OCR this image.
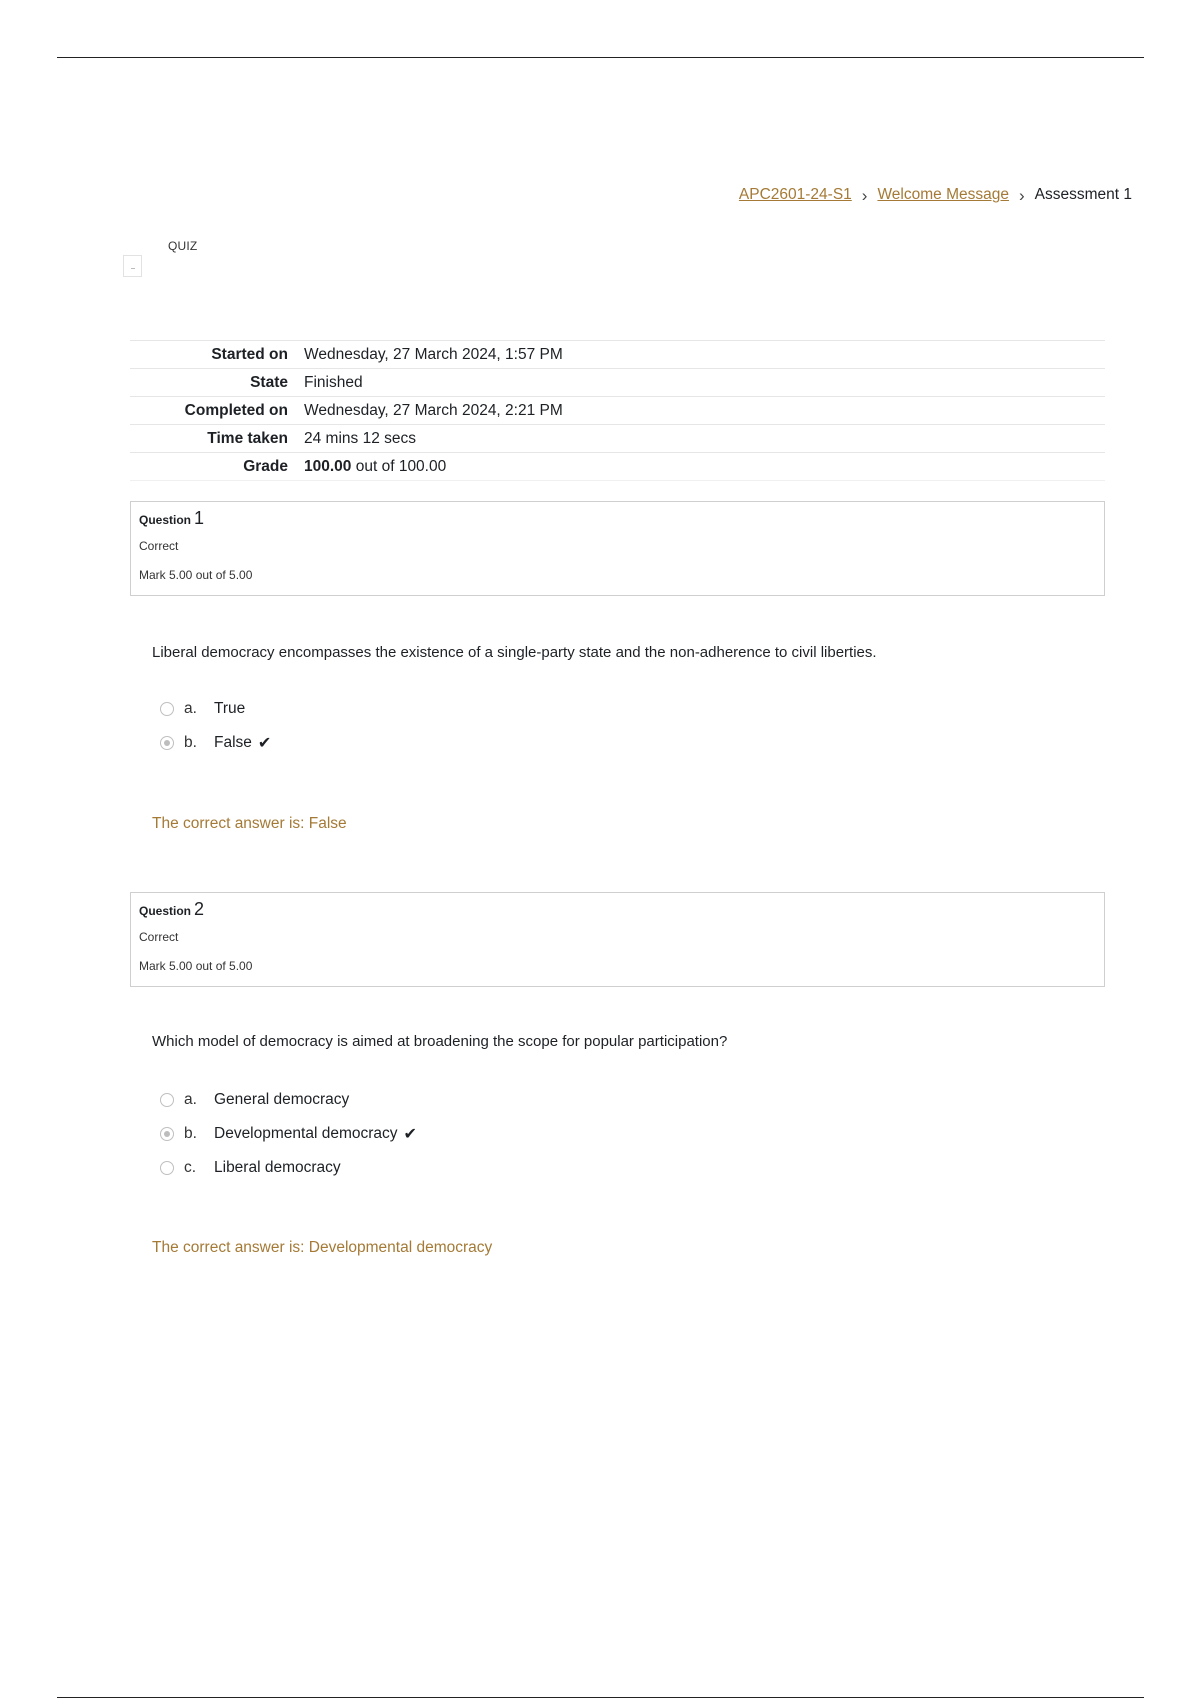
APC2601-24-S1 › Welcome Message › Assessment 1
QUIZ
Started on	Wednesday, 27 March 2024, 1:57 PM
State	Finished
Completed on	Wednesday, 27 March 2024, 2:21 PM
Time taken	24 mins 12 secs
Grade	100.00 out of 100.00
Question 1
Correct
Mark 5.00 out of 5.00
Liberal democracy encompasses the existence of a single-party state and the non-adherence to civil liberties.
a.	True
b.	False ✔
The correct answer is: False
Question 2
Correct
Mark 5.00 out of 5.00
Which model of democracy is aimed at broadening the scope for popular participation?
a.	General democracy
b.	Developmental democracy ✔
c.	Liberal democracy
The correct answer is: Developmental democracy
